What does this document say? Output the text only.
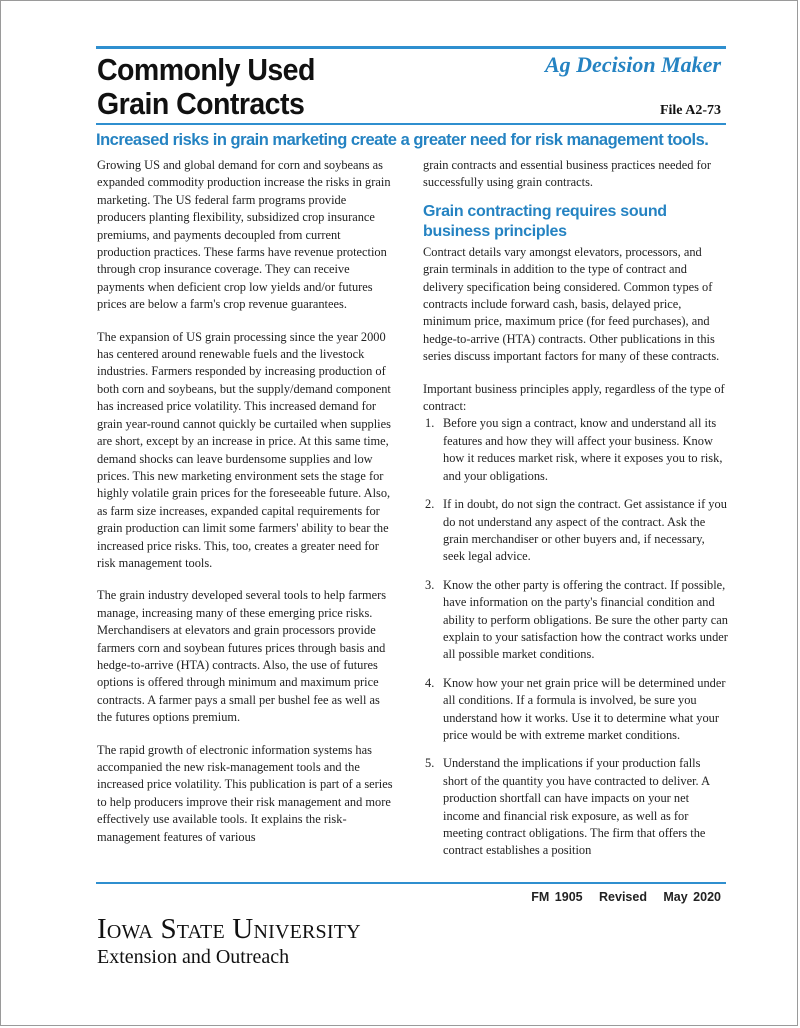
Commonly Used
Grain Contracts
Ag Decision Maker
File A2-73
Increased risks in grain marketing create a greater need for risk management tools.

Growing US and global demand for corn and soybeans as expanded commodity production increase the risks in grain marketing. The US federal farm programs provide producers planting flexibility, subsidized crop insurance premiums, and payments decoupled from current production practices. These farms have revenue protection through crop insurance coverage. They can receive payments when deficient crop low yields and/or futures prices are below a farm's crop revenue guarantees.

The expansion of US grain processing since the year 2000 has centered around renewable fuels and the livestock industries. Farmers responded by increasing production of both corn and soybeans, but the supply/demand component has increased price volatility. This increased demand for grain year-round cannot quickly be curtailed when supplies are short, except by an increase in price. At this same time, demand shocks can leave burdensome supplies and low prices. This new marketing environment sets the stage for highly volatile grain prices for the foreseeable future. Also, as farm size increases, expanded capital requirements for grain production can limit some farmers' ability to bear the increased price risks. This, too, creates a greater need for risk management tools.

The grain industry developed several tools to help farmers manage, increasing many of these emerging price risks. Merchandisers at elevators and grain processors provide farmers corn and soybean futures prices through basis and hedge-to-arrive (HTA) contracts. Also, the use of futures options is offered through minimum and maximum price contracts. A farmer pays a small per bushel fee as well as the futures options premium.

The rapid growth of electronic information systems has accompanied the new risk-management tools and the increased price volatility. This publication is part of a series to help producers improve their risk management and more effectively use available tools. It explains the risk-management features of various

grain contracts and essential business practices needed for successfully using grain contracts.

Grain contracting requires sound business principles

Contract details vary amongst elevators, processors, and grain terminals in addition to the type of contract and delivery specification being considered. Common types of contracts include forward cash, basis, delayed price, minimum price, maximum price (for feed purchases), and hedge-to-arrive (HTA) contracts. Other publications in this series discuss important factors for many of these contracts.

Important business principles apply, regardless of the type of contract:

1. Before you sign a contract, know and understand all its features and how they will affect your business. Know how it reduces market risk, where it exposes you to risk, and your obligations.
2. If in doubt, do not sign the contract. Get assistance if you do not understand any aspect of the contract. Ask the grain merchandiser or other buyers and, if necessary, seek legal advice.
3. Know the other party is offering the contract. If possible, have information on the party's financial condition and ability to perform obligations. Be sure the other party can explain to your satisfaction how the contract works under all possible market conditions.
4. Know how your net grain price will be determined under all conditions. If a formula is involved, be sure you understand how it works. Use it to determine what your price would be with extreme market conditions.
5. Understand the implications if your production falls short of the quantity you have contracted to deliver. A production shortfall can have impacts on your net income and financial risk exposure, as well as for meeting contract obligations. The firm that offers the contract establishes a position
FM 1905   Revised   May 2020
Iowa State University
Extension and Outreach
